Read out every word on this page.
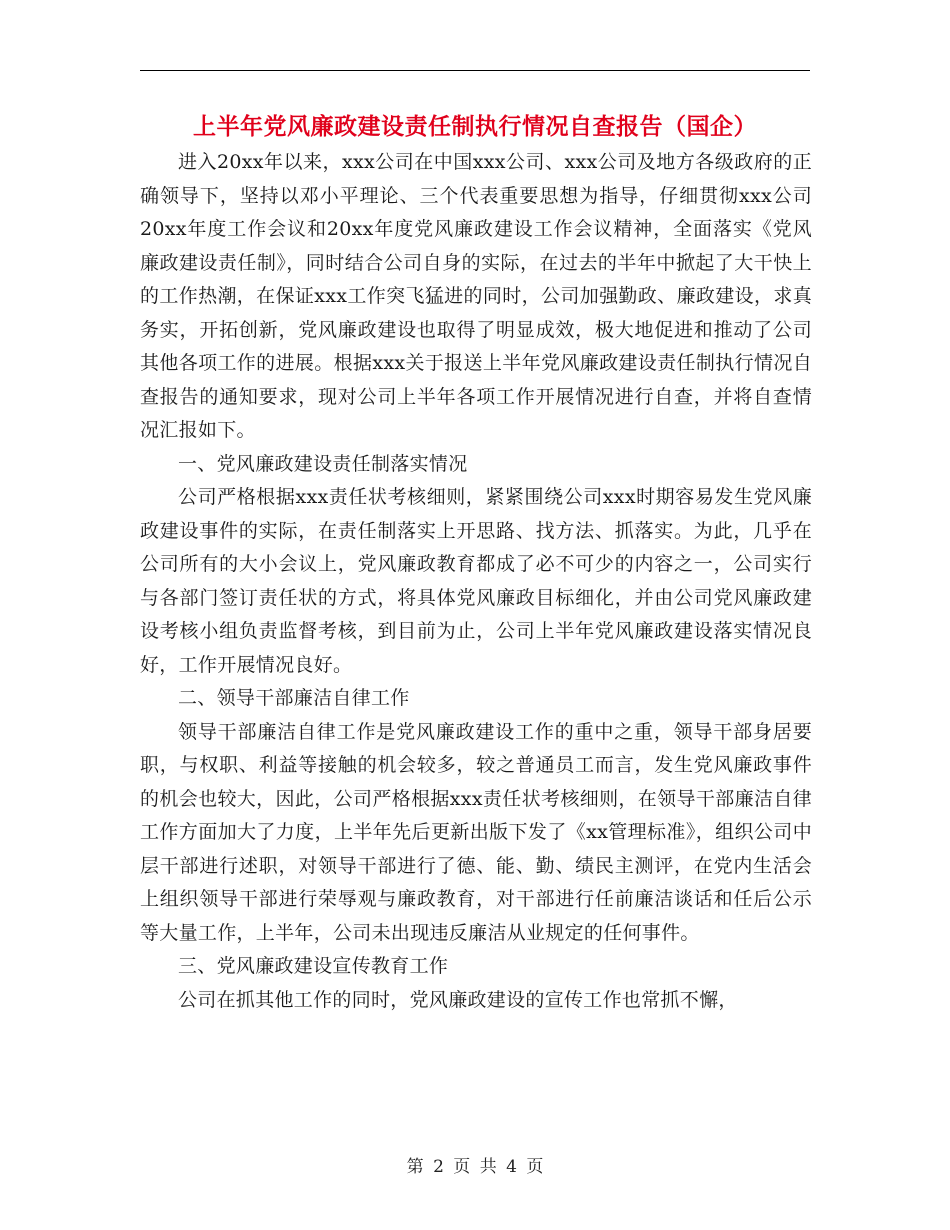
上半年党风廉政建设责任制执行情况自查报告（国企）

进入20xx年以来，xxx公司在中国xxx公司、xxx公司及地方各级政府的正确领导下，坚持以邓小平理论、三个代表重要思想为指导，仔细贯彻xxx公司20xx年度工作会议和20xx年度党风廉政建设工作会议精神，全面落实《党风廉政建设责任制》，同时结合公司自身的实际，在过去的半年中掀起了大干快上的工作热潮，在保证xxx工作突飞猛进的同时，公司加强勤政、廉政建设，求真务实，开拓创新，党风廉政建设也取得了明显成效，极大地促进和推动了公司其他各项工作的进展。根据xxx关于报送上半年党风廉政建设责任制执行情况自查报告的通知要求，现对公司上半年各项工作开展情况进行自查，并将自查情况汇报如下。

一、党风廉政建设责任制落实情况

公司严格根据xxx责任状考核细则，紧紧围绕公司xxx时期容易发生党风廉政建设事件的实际，在责任制落实上开思路、找方法、抓落实。为此，几乎在公司所有的大小会议上，党风廉政教育都成了必不可少的内容之一，公司实行与各部门签订责任状的方式，将具体党风廉政目标细化，并由公司党风廉政建设考核小组负责监督考核，到目前为止，公司上半年党风廉政建设落实情况良好，工作开展情况良好。

二、领导干部廉洁自律工作

领导干部廉洁自律工作是党风廉政建设工作的重中之重，领导干部身居要职，与权职、利益等接触的机会较多，较之普通员工而言，发生党风廉政事件的机会也较大，因此，公司严格根据xxx责任状考核细则，在领导干部廉洁自律工作方面加大了力度，上半年先后更新出版下发了《xx管理标准》，组织公司中层干部进行述职，对领导干部进行了德、能、勤、绩民主测评，在党内生活会上组织领导干部进行荣辱观与廉政教育，对干部进行任前廉洁谈话和任后公示等大量工作，上半年，公司未出现违反廉洁从业规定的任何事件。

三、党风廉政建设宣传教育工作

公司在抓其他工作的同时，党风廉政建设的宣传工作也常抓不懈，

第 2 页 共 4 页
